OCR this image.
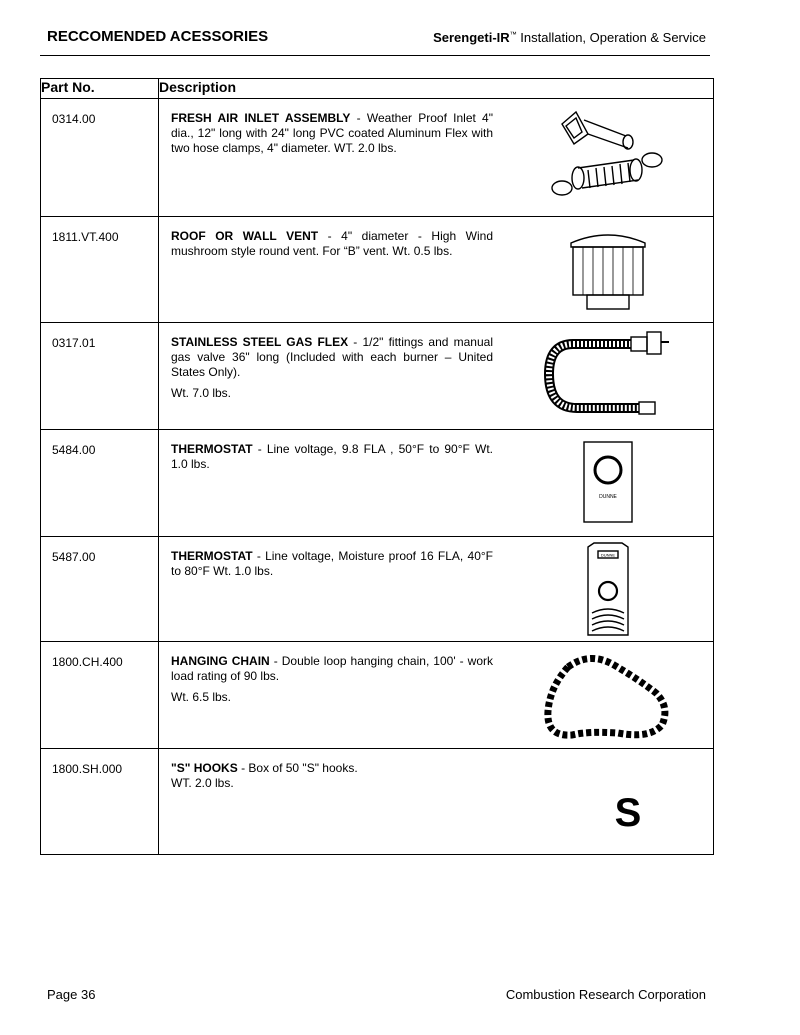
RECCOMENDED ACESSORIES	Serengeti-IR™ Installation, Operation & Service
Part No.	Description
0314.00	FRESH AIR INLET ASSEMBLY - Weather Proof Inlet 4" dia., 12" long with 24" long PVC coated Aluminum Flex with two hose clamps, 4" diameter. WT. 2.0 lbs.

1811.VT.400	ROOF OR WALL VENT - 4" diameter - High Wind mushroom style round vent. For “B” vent. Wt. 0.5 lbs.

0317.01	STAINLESS STEEL GAS FLEX - 1/2" fittings and manual gas valve 36" long (Included with each burner – United States Only).
Wt. 7.0 lbs.

5484.00	THERMOSTAT - Line voltage, 9.8 FLA , 50°F to 90°F Wt. 1.0 lbs.
DUNNE

5487.00	THERMOSTAT - Line voltage, Moisture proof 16 FLA, 40°F to 80°F Wt. 1.0 lbs.
DUNNE

1800.CH.400	HANGING CHAIN - Double loop hanging chain, 100' - work load rating of 90 lbs.
Wt. 6.5 lbs.

1800.SH.000	"S" HOOKS - Box of 50 "S" hooks.
WT. 2.0 lbs.
S
Page 36	Combustion Research Corporation
